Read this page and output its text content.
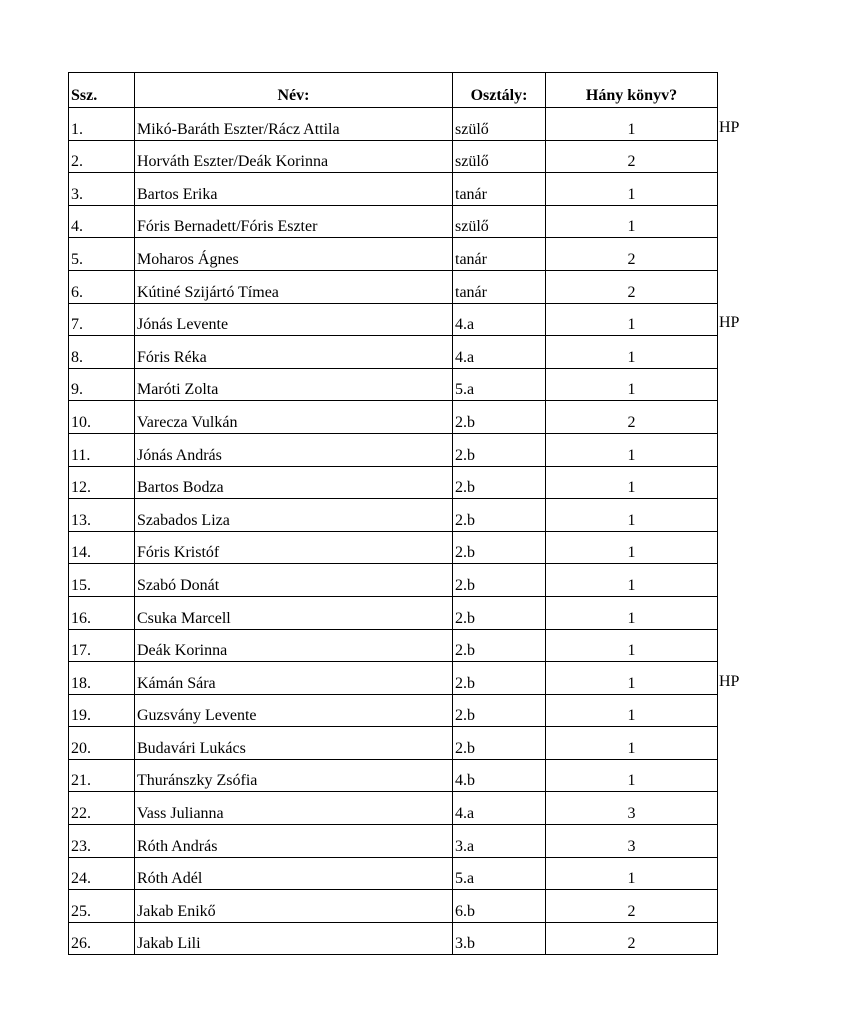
Ssz.	Név:	Osztály:	Hány könyv?
1.	Mikó-Baráth Eszter/Rácz Attila	szülő	1
2.	Horváth Eszter/Deák Korinna	szülő	2
3.	Bartos Erika	tanár	1
4.	Fóris Bernadett/Fóris Eszter	szülő	1
5.	Moharos Ágnes	tanár	2
6.	Kútiné Szijártó Tímea	tanár	2
7.	Jónás Levente	4.a	1
8.	Fóris Réka	4.a	1
9.	Maróti Zolta	5.a	1
10.	Varecza Vulkán	2.b	2
11.	Jónás András	2.b	1
12.	Bartos Bodza	2.b	1
13.	Szabados Liza	2.b	1
14.	Fóris Kristóf	2.b	1
15.	Szabó Donát	2.b	1
16.	Csuka Marcell	2.b	1
17.	Deák Korinna	2.b	1
18.	Kámán Sára	2.b	1
19.	Guzsvány Levente	2.b	1
20.	Budavári Lukács	2.b	1
21.	Thuránszky Zsófia	4.b	1
22.	Vass Julianna	4.a	3
23.	Róth András	3.a	3
24.	Róth Adél	5.a	1
25.	Jakab Enikő	6.b	2
26.	Jakab Lili	3.b	2
HP
HP
HP
